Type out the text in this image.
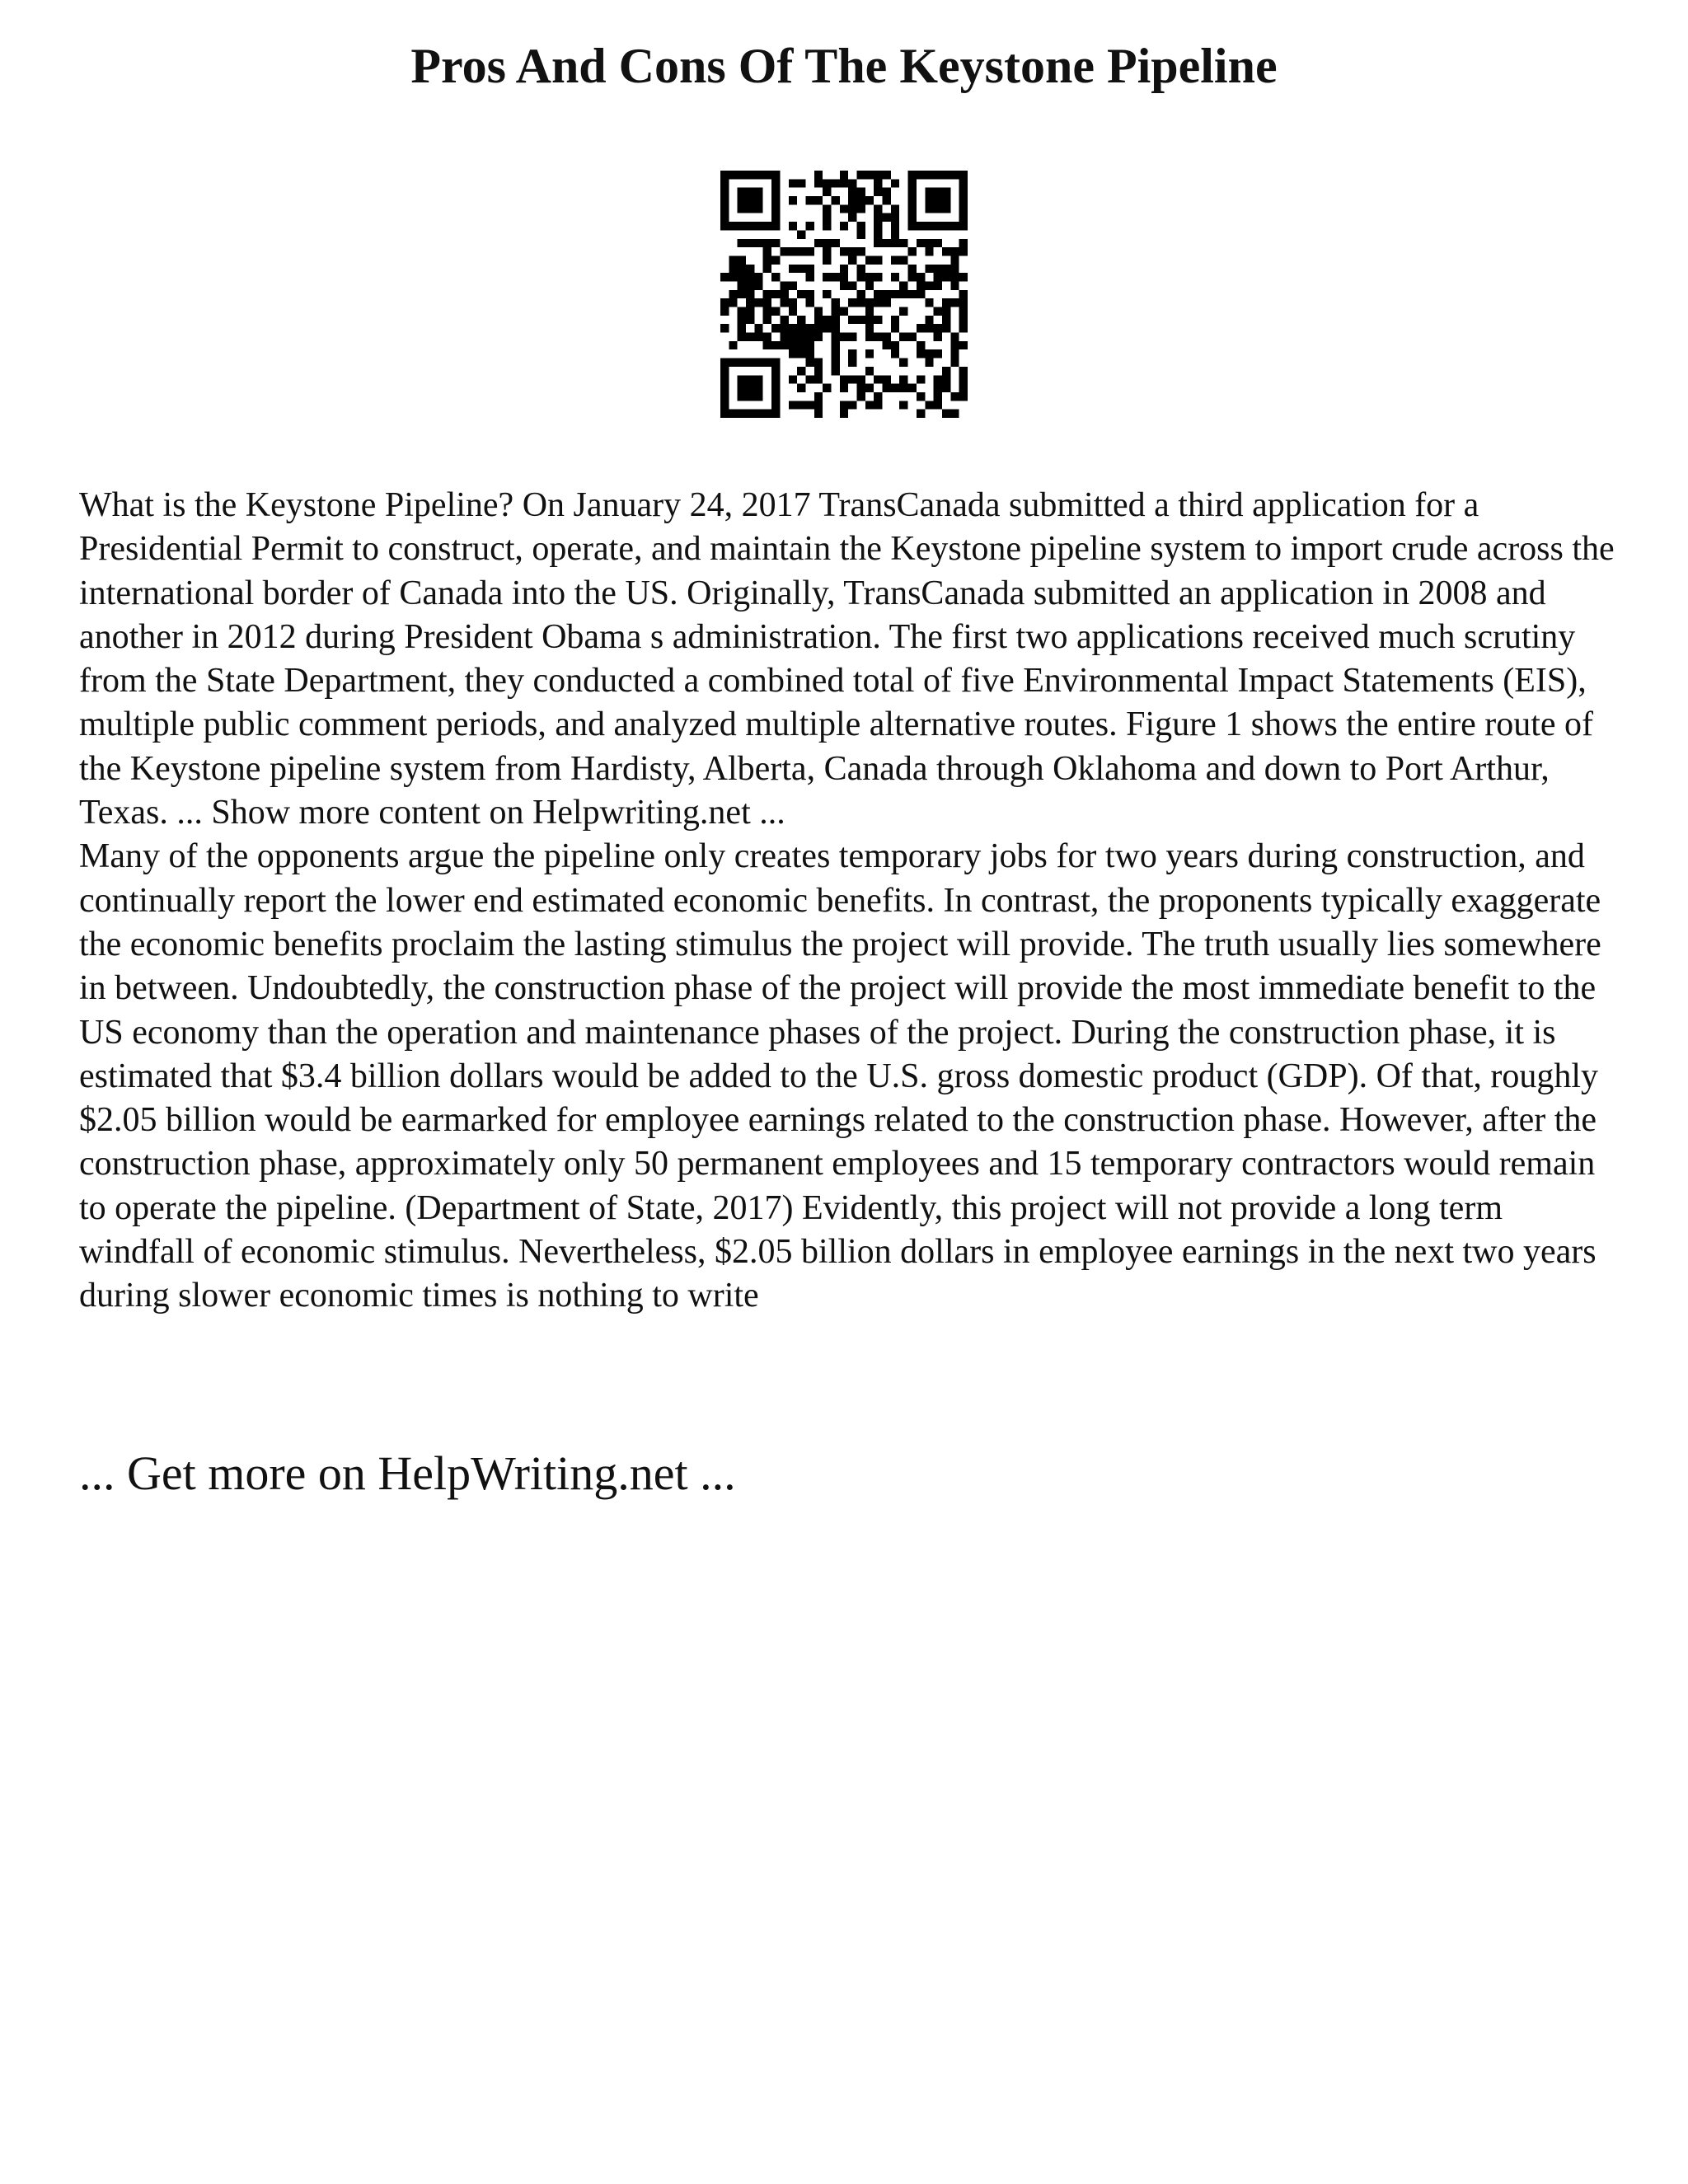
Pros And Cons Of The Keystone Pipeline

What is the Keystone Pipeline? On January 24, 2017 TransCanada submitted a third application for a Presidential Permit to construct, operate, and maintain the Keystone pipeline system to import crude across the international border of Canada into the US. Originally, TransCanada submitted an application in 2008 and another in 2012 during President Obama s administration. The first two applications received much scrutiny from the State Department, they conducted a combined total of five Environmental Impact Statements (EIS), multiple public comment periods, and analyzed multiple alternative routes. Figure 1 shows the entire route of the Keystone pipeline system from Hardisty, Alberta, Canada through Oklahoma and down to Port Arthur, Texas. ... Show more content on Helpwriting.net ...

Many of the opponents argue the pipeline only creates temporary jobs for two years during construction, and continually report the lower end estimated economic benefits. In contrast, the proponents typically exaggerate the economic benefits proclaim the lasting stimulus the project will provide. The truth usually lies somewhere in between. Undoubtedly, the construction phase of the project will provide the most immediate benefit to the US economy than the operation and maintenance phases of the project. During the construction phase, it is estimated that $3.4 billion dollars would be added to the U.S. gross domestic product (GDP). Of that, roughly $2.05 billion would be earmarked for employee earnings related to the construction phase. However, after the construction phase, approximately only 50 permanent employees and 15 temporary contractors would remain to operate the pipeline. (Department of State, 2017) Evidently, this project will not provide a long term windfall of economic stimulus. Nevertheless, $2.05 billion dollars in employee earnings in the next two years during slower economic times is nothing to write

... Get more on HelpWriting.net ...
